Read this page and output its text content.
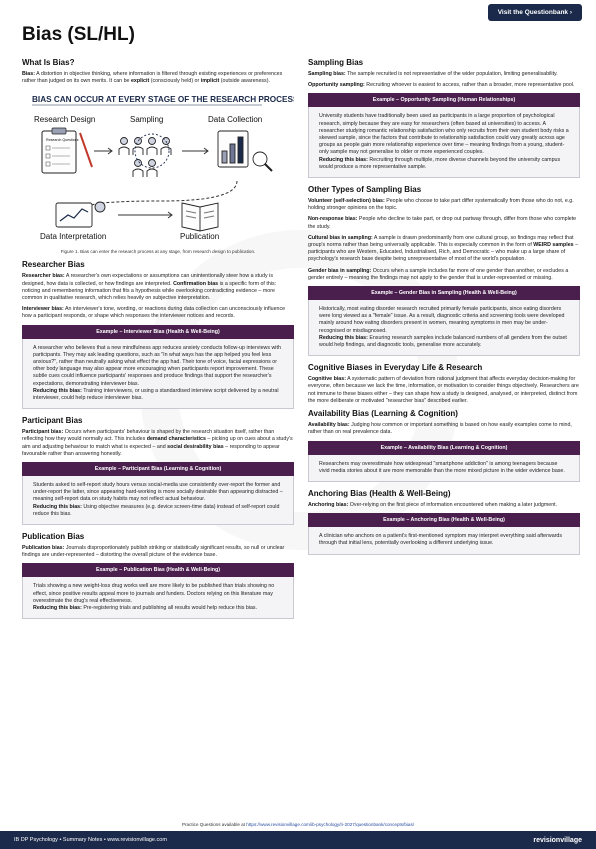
Visit the Questionbank ›
Bias (SL/HL)
What Is Bias?

Bias: A distortion in objective thinking, where information is filtered through existing experiences or preferences rather than judged on its own merits. It can be explicit (consciously held) or implicit (outside awareness).

BIAS CAN OCCUR AT EVERY STAGE OF THE RESEARCH PROCESS
Research Design	Sampling	Data Collection
Research Questions
Data Interpretation	Publication
Figure 1. Bias can enter the research process at any stage, from research design to publication.
Researcher Bias

Researcher bias: A researcher's own expectations or assumptions can unintentionally steer how a study is designed, how data is collected, or how findings are interpreted. Confirmation bias is a specific form of this: noticing and remembering information that fits a hypothesis while overlooking contradicting evidence – more common in qualitative research, which relies heavily on subjective interpretation.

Interviewer bias: An interviewer's tone, wording, or reactions during data collection can unconsciously influence how a participant responds, or shape which responses the interviewer notices and records.

Example – Interviewer Bias (Health & Well-Being)

A researcher who believes that a new mindfulness app reduces anxiety conducts follow-up interviews with participants. They may ask leading questions, such as "In what ways has the app helped you feel less anxious?", rather than neutrally asking what effect the app had. Their tone of voice, facial expressions or other body language may also appear more encouraging when participants report improvement. These subtle cues could influence participants' responses and produce findings that support the researcher's expectations, demonstrating interviewer bias.

Reducing this bias: Training interviewers, or using a standardised interview script delivered by a neutral interviewer, could help reduce interviewer bias.

Participant Bias

Participant bias: Occurs when participants' behaviour is shaped by the research situation itself, rather than reflecting how they would normally act. This includes demand characteristics – picking up on cues about a study's aim and adjusting behaviour to match what is expected – and social desirability bias – responding to appear favourable rather than answering honestly.

Example – Participant Bias (Learning & Cognition)

Students asked to self-report study hours versus social-media use consistently over-report the former and under-report the latter, since appearing hard-working is more socially desirable than appearing distracted – meaning self-report data on study habits may not reflect actual behaviour.

Reducing this bias: Using objective measures (e.g. device screen-time data) instead of self-report could reduce this bias.

Publication Bias

Publication bias: Journals disproportionately publish striking or statistically significant results, so null or unclear findings are under-represented – distorting the overall picture of the evidence base.

Example – Publication Bias (Health & Well-Being)

Trials showing a new weight-loss drug works well are more likely to be published than trials showing no effect, since positive results appeal more to journals and funders. Doctors relying on this literature may overestimate the drug's real effectiveness.

Reducing this bias: Pre-registering trials and publishing all results would help reduce this bias.

Sampling Bias

Sampling bias: The sample recruited is not representative of the wider population, limiting generalisability.

Opportunity sampling: Recruiting whoever is easiest to access, rather than a broader, more representative pool.

Example – Opportunity Sampling (Human Relationships)

University students have traditionally been used as participants in a large proportion of psychological research, simply because they are easy for researchers (often based at universities) to access. A researcher studying romantic relationship satisfaction who only recruits from their own student body risks a skewed sample, since the factors that contribute to relationship satisfaction could vary greatly across age groups as people gain more relationship experience over time – meaning findings from a young, student-only sample may not generalise to older or more experienced couples.

Reducing this bias: Recruiting through multiple, more diverse channels beyond the university campus would produce a more representative sample.

Other Types of Sampling Bias

Volunteer (self-selection) bias: People who choose to take part differ systematically from those who do not, e.g. holding stronger opinions on the topic.

Non-response bias: People who decline to take part, or drop out partway through, differ from those who complete the study.

Cultural bias in sampling: A sample is drawn predominantly from one cultural group, so findings may reflect that group's norms rather than being universally applicable. This is especially common in the form of WEIRD samples – participants who are Western, Educated, Industrialised, Rich, and Democratic – who make up a large share of psychology's research base despite being unrepresentative of most of the world's population.

Gender bias in sampling: Occurs when a sample includes far more of one gender than another, or excludes a gender entirely – meaning the findings may not apply to the gender that is under-represented or missing.

Example – Gender Bias in Sampling (Health & Well-Being)

Historically, most eating disorder research recruited primarily female participants, since eating disorders were long viewed as a "female" issue. As a result, diagnostic criteria and screening tools were developed mainly around how eating disorders present in women, meaning symptoms in men may be under-recognised or misdiagnosed.

Reducing this bias: Ensuring research samples include balanced numbers of all genders from the outset would help findings, and diagnostic tools, generalise more accurately.

Cognitive Biases in Everyday Life & Research

Cognitive bias: A systematic pattern of deviation from rational judgment that affects everyday decision-making for everyone, often because we lack the time, information, or motivation to consider things objectively. Researchers are not immune to these biases either – they can shape how a study is designed, analysed, or interpreted, distinct from the more deliberate or motivated "researcher bias" described earlier.

Availability Bias (Learning & Cognition)

Availability bias: Judging how common or important something is based on how easily examples come to mind, rather than on real prevalence data.

Example – Availability Bias (Learning & Cognition)

Researchers may overestimate how widespread "smartphone addiction" is among teenagers because vivid media stories about it are more memorable than the more mixed picture in the wider evidence base.

Anchoring Bias (Health & Well-Being)

Anchoring bias: Over-relying on the first piece of information encountered when making a later judgment.

Example – Anchoring Bias (Health & Well-Being)

A clinician who anchors on a patient's first-mentioned symptom may interpret everything said afterwards through that initial lens, potentially overlooking a different underlying issue.

Practice Questions available at https://www.revisionvillage.com/ib-psychology/ri-2027/questionbank/concepts/bias/
IB DP Psychology • Summary Notes • www.revisionvillage.com	revisionvillage
